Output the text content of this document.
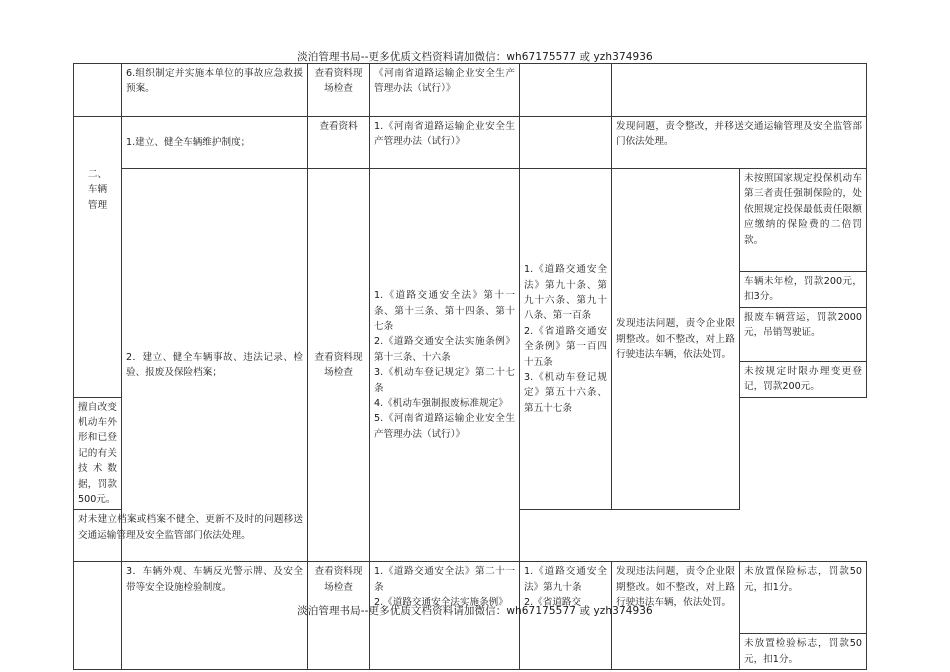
淡泊管理书局--更多优质文档资料请加微信：wh67175577 或 yzh374936
	6.组织制定并实施本单位的事故应急救援预案。	查看资料现场检查	《河南省道路运输企业安全生产管理办法（试行）》			

二、
车辆
管理	1.建立、健全车辆维护制度；	查看资料	1.《河南省道路运输企业安全生产管理办法（试行）》		发现问题，责令整改，并移送交通运输管理及安全监管部门依法处理。	
	2．建立、健全车辆事故、违法记录、检验、报废及保险档案；	查看资料现场检查	1.《道路交通安全法》第十一条、第十三条、第十四条、第十七条
2.《道路交通安全法实施条例》第十三条、十六条
3.《机动车登记规定》第二十七条
4.《机动车强制报废标准规定》
5.《河南省道路运输企业安全生产管理办法（试行）》	1.《道路交通安全法》第九十条、第九十六条、第九十八条、第一百条
2.《省道路交通安全条例》第一百四十五条
3.《机动车登记规定》第五十六条、第五十七条	发现违法问题，责令企业限期整改。如不整改，对上路行驶违法车辆，依法处罚。	未按照国家规定投保机动车第三者责任强制保险的，处依照规定投保最低责任限额应缴纳的保险费的二倍罚款。
						车辆未年检，罚款200元，扣3分。
						报废车辆营运，罚款2000元，吊销驾驶证。
						未按规定时限办理变更登记，罚款200元。
擅自改变机动车外形和已登记的有关技术数据，罚款500元。						
对未建立档案或档案不健全、更新不及时的问题移送交通运输管理及安全监管部门依法处理。						
	3．车辆外观、车辆反光警示牌、及安全带等安全设施检验制度。	查看资料现场检查	1.《道路交通安全法》第二十一条
2.《道路交通安全法实施条例》	1.《道路交通安全法》第九十条
2.《省道路交	发现违法问题，责令企业限期整改。如不整改，对上路行驶违法车辆，依法处罚。	未放置保险标志，罚款50元，扣1分。
						未放置检验标志，罚款50元，扣1分。
淡泊管理书局--更多优质文档资料请加微信：wh67175577 或 yzh374936
